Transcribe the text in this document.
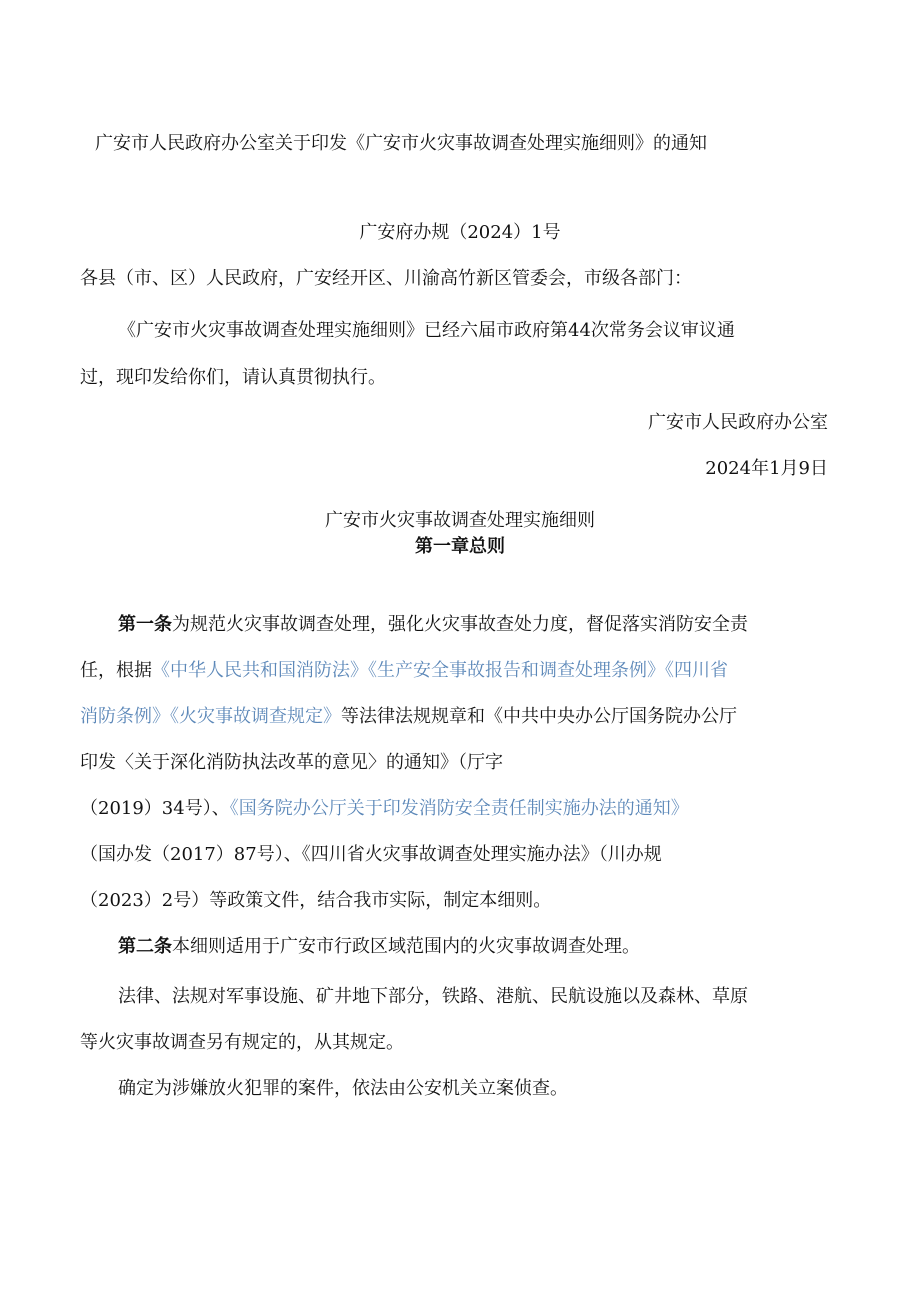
广安市人民政府办公室关于印发《广安市火灾事故调查处理实施细则》的通知

广安府办规（2024）1号

各县（市、区）人民政府，广安经开区、川渝高竹新区管委会，市级各部门：

《广安市火灾事故调查处理实施细则》已经六届市政府第44次常务会议审议通

过，现印发给你们，请认真贯彻执行。

广安市人民政府办公室

2024年1月9日

广安市火灾事故调查处理实施细则

第一章总则

第一条为规范火灾事故调查处理，强化火灾事故查处力度，督促落实消防安全责

任，根据《中华人民共和国消防法》《生产安全事故报告和调查处理条例》《四川省

消防条例》《火灾事故调查规定》等法律法规规章和《中共中央办公厅国务院办公厅

印发〈关于深化消防执法改革的意见〉的通知》（厅字

（2019）34号）、《国务院办公厅关于印发消防安全责任制实施办法的通知》

（国办发（2017）87号）、《四川省火灾事故调查处理实施办法》（川办规

（2023）2号）等政策文件，结合我市实际，制定本细则。

第二条本细则适用于广安市行政区域范围内的火灾事故调查处理。

法律、法规对军事设施、矿井地下部分，铁路、港航、民航设施以及森林、草原

等火灾事故调查另有规定的，从其规定。

确定为涉嫌放火犯罪的案件，依法由公安机关立案侦查。
